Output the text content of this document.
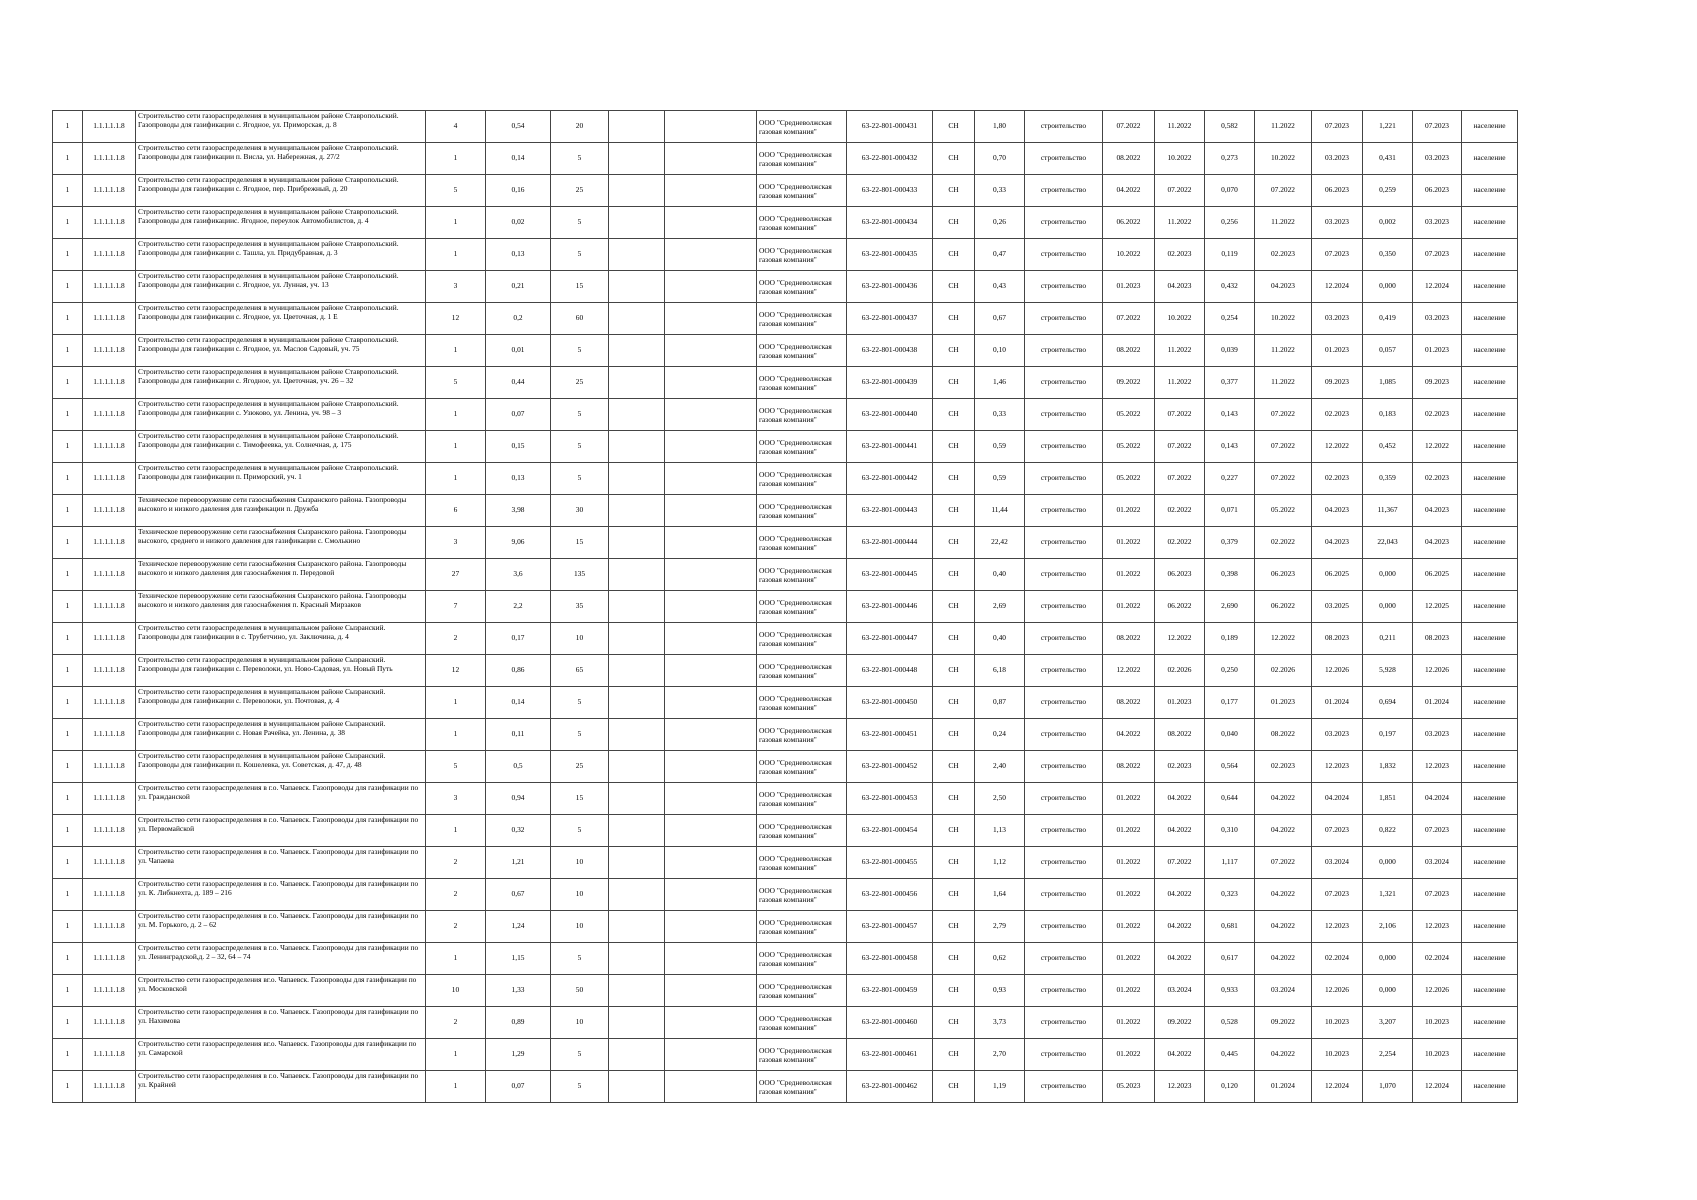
1	1.1.1.1.1.8	Строительство сети газораспределения в муниципальном районе Ставропольский. Газопроводы для газификации с. Ягодное, ул. Приморская, д. 8	4	0,54	20			ООО "Средневолжская газовая компания"	63-22-801-000431	СН	1,80	строительство	07.2022	11.2022	0,582	11.2022	07.2023	1,221	07.2023	население
1	1.1.1.1.1.8	Строительство сети газораспределения в муниципальном районе Ставропольский. Газопроводы для газификации п. Висла, ул. Набережная, д. 27/2	1	0,14	5			ООО "Средневолжская газовая компания"	63-22-801-000432	СН	0,70	строительство	08.2022	10.2022	0,273	10.2022	03.2023	0,431	03.2023	население
1	1.1.1.1.1.8	Строительство сети газораспределения в муниципальном районе Ставропольский. Газопроводы для газификации с. Ягодное, пер. Прибрежный, д. 20	5	0,16	25			ООО "Средневолжская газовая компания"	63-22-801-000433	СН	0,33	строительство	04.2022	07.2022	0,070	07.2022	06.2023	0,259	06.2023	население
1	1.1.1.1.1.8	Строительство сети газораспределения в муниципальном районе Ставропольский. Газопроводы для газификациис. Ягодное, переулок Автомобилистов, д. 4	1	0,02	5			ООО "Средневолжская газовая компания"	63-22-801-000434	СН	0,26	строительство	06.2022	11.2022	0,256	11.2022	03.2023	0,002	03.2023	население
1	1.1.1.1.1.8	Строительство сети газораспределения в муниципальном районе Ставропольский. Газопроводы для газификации с. Ташла, ул. Придубравная, д. 3	1	0,13	5			ООО "Средневолжская газовая компания"	63-22-801-000435	СН	0,47	строительство	10.2022	02.2023	0,119	02.2023	07.2023	0,350	07.2023	население
1	1.1.1.1.1.8	Строительство сети газораспределения в муниципальном районе Ставропольский. Газопроводы для газификации с. Ягодное, ул. Лунная, уч. 13	3	0,21	15			ООО "Средневолжская газовая компания"	63-22-801-000436	СН	0,43	строительство	01.2023	04.2023	0,432	04.2023	12.2024	0,000	12.2024	население
1	1.1.1.1.1.8	Строительство сети газораспределения в муниципальном районе Ставропольский. Газопроводы для газификации с. Ягодное, ул. Цветочная, д. 1 Е	12	0,2	60			ООО "Средневолжская газовая компания"	63-22-801-000437	СН	0,67	строительство	07.2022	10.2022	0,254	10.2022	03.2023	0,419	03.2023	население
1	1.1.1.1.1.8	Строительство сети газораспределения в муниципальном районе Ставропольский. Газопроводы для газификации с. Ягодное, ул. Маслов Садовый, уч. 75	1	0,01	5			ООО "Средневолжская газовая компания"	63-22-801-000438	СН	0,10	строительство	08.2022	11.2022	0,039	11.2022	01.2023	0,057	01.2023	население
1	1.1.1.1.1.8	Строительство сети газораспределения в муниципальном районе Ставропольский. Газопроводы для газификации с. Ягодное, ул. Цветочная, уч. 26 – 32	5	0,44	25			ООО "Средневолжская газовая компания"	63-22-801-000439	СН	1,46	строительство	09.2022	11.2022	0,377	11.2022	09.2023	1,085	09.2023	население
1	1.1.1.1.1.8	Строительство сети газораспределения в муниципальном районе Ставропольский. Газопроводы для газификации с. Узюково, ул. Ленина, уч. 98 – 3	1	0,07	5			ООО "Средневолжская газовая компания"	63-22-801-000440	СН	0,33	строительство	05.2022	07.2022	0,143	07.2022	02.2023	0,183	02.2023	население
1	1.1.1.1.1.8	Строительство сети газораспределения в муниципальном районе Ставропольский. Газопроводы для газификации с. Тимофеевка, ул. Солнечная, д. 175	1	0,15	5			ООО "Средневолжская газовая компания"	63-22-801-000441	СН	0,59	строительство	05.2022	07.2022	0,143	07.2022	12.2022	0,452	12.2022	население
1	1.1.1.1.1.8	Строительство сети газораспределения в муниципальном районе Ставропольский. Газопроводы для газификации п. Приморский, уч. 1	1	0,13	5			ООО "Средневолжская газовая компания"	63-22-801-000442	СН	0,59	строительство	05.2022	07.2022	0,227	07.2022	02.2023	0,359	02.2023	население
1	1.1.1.1.1.8	Техническое перевооружение сети газоснабжения Сызранского района. Газопроводы высокого и низкого давления для газификации п. Дружба	6	3,98	30			ООО "Средневолжская газовая компания"	63-22-801-000443	СН	11,44	строительство	01.2022	02.2022	0,071	05.2022	04.2023	11,367	04.2023	население
1	1.1.1.1.1.8	Техническое перевооружение сети газоснабжения Сызранского района. Газопроводы высокого, среднего и низкого давления для газификации с. Смолькино	3	9,06	15			ООО "Средневолжская газовая компания"	63-22-801-000444	СН	22,42	строительство	01.2022	02.2022	0,379	02.2022	04.2023	22,043	04.2023	население
1	1.1.1.1.1.8	Техническое перевооружение сети газоснабжения Сызранского района. Газопроводы высокого и низкого давления для газоснабжения п. Передовой	27	3,6	135			ООО "Средневолжская газовая компания"	63-22-801-000445	СН	0,40	строительство	01.2022	06.2023	0,398	06.2023	06.2025	0,000	06.2025	население
1	1.1.1.1.1.8	Техническое перевооружение сети газоснабжения Сызранского района. Газопроводы высокого и низкого давления для газоснабжения п. Красный Мирзаков	7	2,2	35			ООО "Средневолжская газовая компания"	63-22-801-000446	СН	2,69	строительство	01.2022	06.2022	2,690	06.2022	03.2025	0,000	12.2025	население
1	1.1.1.1.1.8	Строительство сети газораспределения в муниципальном районе Сызранский. Газопроводы для газификации в с. Трубетчино, ул. Заключина, д. 4	2	0,17	10			ООО "Средневолжская газовая компания"	63-22-801-000447	СН	0,40	строительство	08.2022	12.2022	0,189	12.2022	08.2023	0,211	08.2023	население
1	1.1.1.1.1.8	Строительство сети газораспределения в муниципальном районе Сызранский. Газопроводы для газификации с. Переволоки, ул. Ново-Садовая, ул. Новый Путь	12	0,86	65			ООО "Средневолжская газовая компания"	63-22-801-000448	СН	6,18	строительство	12.2022	02.2026	0,250	02.2026	12.2026	5,928	12.2026	население
1	1.1.1.1.1.8	Строительство сети газораспределения в муниципальном районе Сызранский. Газопроводы для газификации с. Переволоки, ул. Почтовая, д. 4	1	0,14	5			ООО "Средневолжская газовая компания"	63-22-801-000450	СН	0,87	строительство	08.2022	01.2023	0,177	01.2023	01.2024	0,694	01.2024	население
1	1.1.1.1.1.8	Строительство сети газораспределения в муниципальном районе Сызранский. Газопроводы для газификации с. Новая Рачейка, ул. Ленина, д. 38	1	0,11	5			ООО "Средневолжская газовая компания"	63-22-801-000451	СН	0,24	строительство	04.2022	08.2022	0,040	08.2022	03.2023	0,197	03.2023	население
1	1.1.1.1.1.8	Строительство сети газораспределения в муниципальном районе Сызранский. Газопроводы для газификации п. Кошелевка, ул. Советская, д. 47, д. 48	5	0,5	25			ООО "Средневолжская газовая компания"	63-22-801-000452	СН	2,40	строительство	08.2022	02.2023	0,564	02.2023	12.2023	1,832	12.2023	население
1	1.1.1.1.1.8	Строительство сети газораспределения в г.о. Чапаевск. Газопроводы для газификации по ул. Гражданской	3	0,94	15			ООО "Средневолжская газовая компания"	63-22-801-000453	СН	2,50	строительство	01.2022	04.2022	0,644	04.2022	04.2024	1,851	04.2024	население
1	1.1.1.1.1.8	Строительство сети газораспределения в г.о. Чапаевск. Газопроводы для газификации по ул. Первомайской	1	0,32	5			ООО "Средневолжская газовая компания"	63-22-801-000454	СН	1,13	строительство	01.2022	04.2022	0,310	04.2022	07.2023	0,822	07.2023	население
1	1.1.1.1.1.8	Строительство сети газораспределения в г.о. Чапаевск. Газопроводы для газификации по ул. Чапаева	2	1,21	10			ООО "Средневолжская газовая компания"	63-22-801-000455	СН	1,12	строительство	01.2022	07.2022	1,117	07.2022	03.2024	0,000	03.2024	население
1	1.1.1.1.1.8	Строительство сети газораспределения в г.о. Чапаевск. Газопроводы для газификации по ул. К. Либкнехта, д. 189 – 216	2	0,67	10			ООО "Средневолжская газовая компания"	63-22-801-000456	СН	1,64	строительство	01.2022	04.2022	0,323	04.2022	07.2023	1,321	07.2023	население
1	1.1.1.1.1.8	Строительство сети газораспределения в г.о. Чапаевск. Газопроводы для газификации по ул. М. Горького, д. 2 – 62	2	1,24	10			ООО "Средневолжская газовая компания"	63-22-801-000457	СН	2,79	строительство	01.2022	04.2022	0,681	04.2022	12.2023	2,106	12.2023	население
1	1.1.1.1.1.8	Строительство сети газораспределения в г.о. Чапаевск. Газопроводы для газификации по ул. Ленинградской,д. 2 – 32, 64 – 74	1	1,15	5			ООО "Средневолжская газовая компания"	63-22-801-000458	СН	0,62	строительство	01.2022	04.2022	0,617	04.2022	02.2024	0,000	02.2024	население
1	1.1.1.1.1.8	Строительство сети газораспределения вг.о. Чапаевск. Газопроводы для газификации по ул. Московской	10	1,33	50			ООО "Средневолжская газовая компания"	63-22-801-000459	СН	0,93	строительство	01.2022	03.2024	0,933	03.2024	12.2026	0,000	12.2026	население
1	1.1.1.1.1.8	Строительство сети газораспределения в г.о. Чапаевск. Газопроводы для газификации по ул. Нахимова	2	0,89	10			ООО "Средневолжская газовая компания"	63-22-801-000460	СН	3,73	строительство	01.2022	09.2022	0,528	09.2022	10.2023	3,207	10.2023	население
1	1.1.1.1.1.8	Строительство сети газораспределения вг.о. Чапаевск. Газопроводы для газификации по ул. Самарской	1	1,29	5			ООО "Средневолжская газовая компания"	63-22-801-000461	СН	2,70	строительство	01.2022	04.2022	0,445	04.2022	10.2023	2,254	10.2023	население
1	1.1.1.1.1.8	Строительство сети газораспределения в г.о. Чапаевск. Газопроводы для газификации по ул. Крайней	1	0,07	5			ООО "Средневолжская газовая компания"	63-22-801-000462	СН	1,19	строительство	05.2023	12.2023	0,120	01.2024	12.2024	1,070	12.2024	население
